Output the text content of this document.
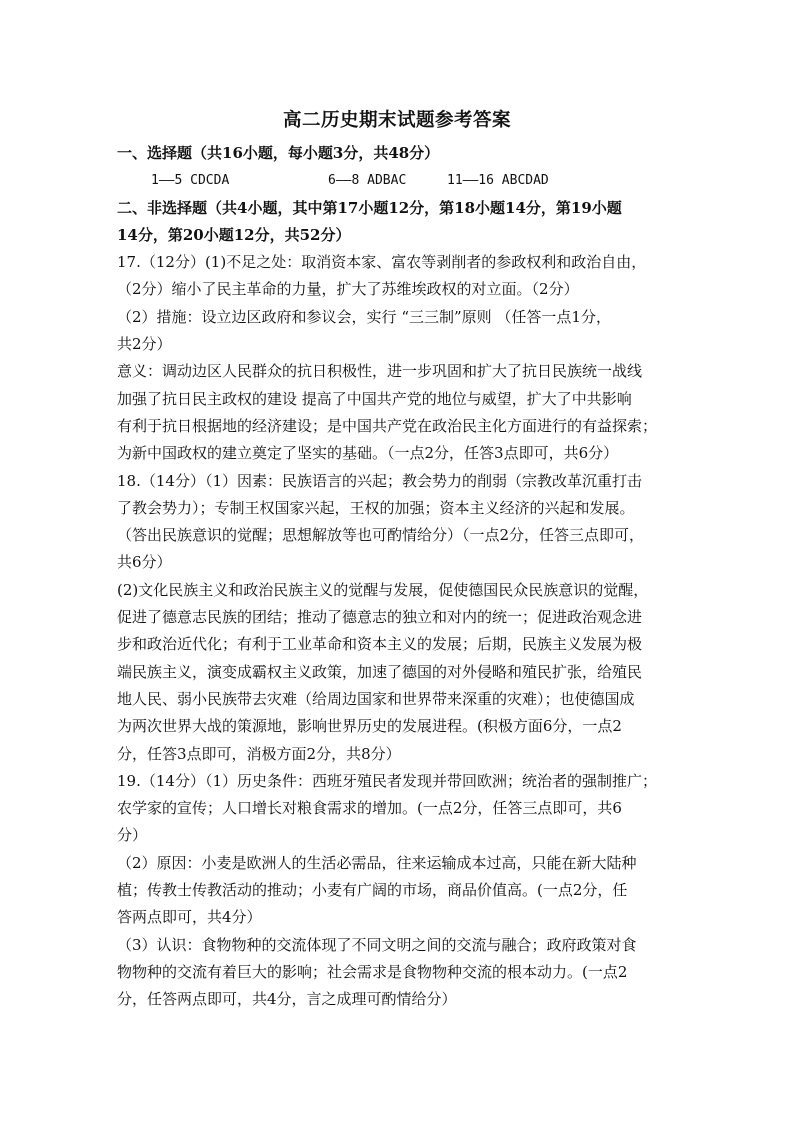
高二历史期末试题参考答案
一、选择题（共16小题，每小题3分，共48分）
1——5 CDCDA	6——8 ADBAC	11——16 ABCDAD
二、非选择题（共4小题，其中第17小题12分，第18小题14分，第19小题
14分，第20小题12分，共52分）
17.（12分）(1)不足之处：取消资本家、富农等剥削者的参政权利和政治自由，
（2分）缩小了民主革命的力量，扩大了苏维埃政权的对立面。（2分）
（2）措施：设立边区政府和参议会，实行 “三三制”原则 （任答一点1分，
共2分）
意义：调动边区人民群众的抗日积极性，进一步巩固和扩大了抗日民族统一战线
加强了抗日民主政权的建设 提高了中国共产党的地位与威望，扩大了中共影响
有利于抗日根据地的经济建设；是中国共产党在政治民主化方面进行的有益探索；
为新中国政权的建立奠定了坚实的基础。（一点2分，任答3点即可，共6分）
18.（14分）（1）因素：民族语言的兴起；教会势力的削弱（宗教改革沉重打击
了教会势力）；专制王权国家兴起，王权的加强；资本主义经济的兴起和发展。
（答出民族意识的觉醒；思想解放等也可酌情给分）（一点2分，任答三点即可，
共6分）
(2)文化民族主义和政治民族主义的觉醒与发展，促使德国民众民族意识的觉醒，
促进了德意志民族的团结；推动了德意志的独立和对内的统一；促进政治观念进
步和政治近代化；有利于工业革命和资本主义的发展；后期，民族主义发展为极
端民族主义，演变成霸权主义政策，加速了德国的对外侵略和殖民扩张，给殖民
地人民、弱小民族带去灾难（给周边国家和世界带来深重的灾难）；也使德国成
为两次世界大战的策源地，影响世界历史的发展进程。(积极方面6分，一点2
分，任答3点即可，消极方面2分，共8分）
19.（14分）（1）历史条件：西班牙殖民者发现并带回欧洲；统治者的强制推广；
农学家的宣传；人口增长对粮食需求的增加。(一点2分，任答三点即可，共6
分）
（2）原因：小麦是欧洲人的生活必需品，往来运输成本过高，只能在新大陆种
植；传教士传教活动的推动；小麦有广阔的市场，商品价值高。(一点2分，任
答两点即可，共4分）
（3）认识：食物物种的交流体现了不同文明之间的交流与融合；政府政策对食
物物种的交流有着巨大的影响；社会需求是食物物种交流的根本动力。(一点2
分，任答两点即可，共4分，言之成理可酌情给分）
